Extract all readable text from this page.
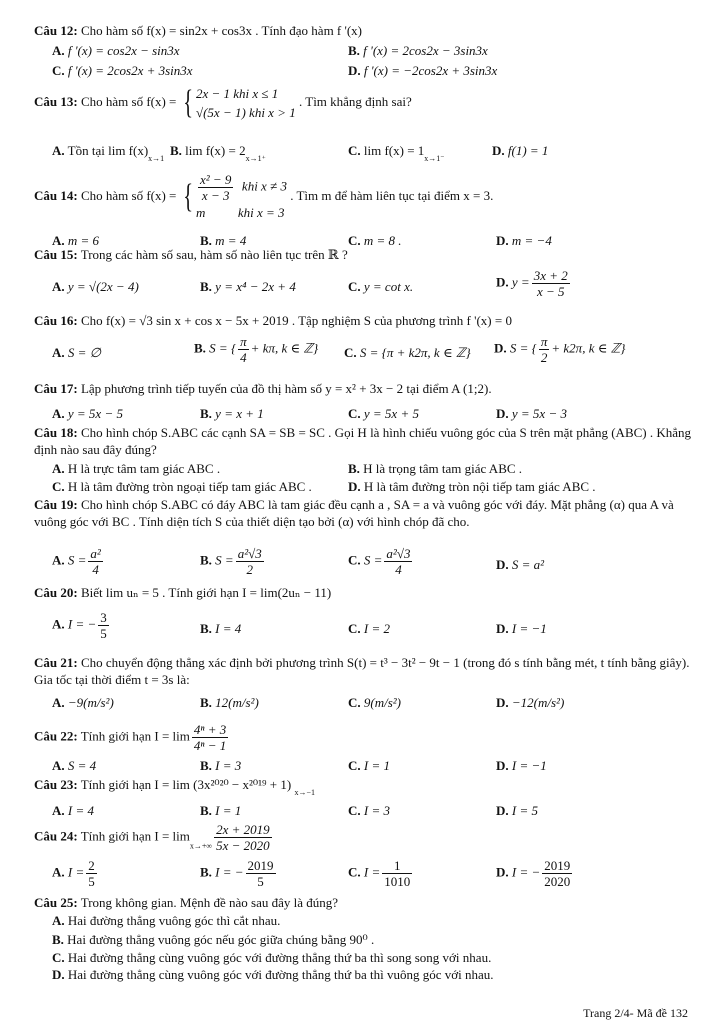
Câu 12: Cho hàm số f(x) = sin2x + cos3x . Tính đạo hàm f '(x)
A. f '(x) = cos2x − sin3x	B. f '(x) = 2cos2x − 3sin3x
C. f '(x) = 2cos2x + 3sin3x	D. f '(x) = −2cos2x + 3sin3x
Câu 13: Cho hàm số f(x) = { 2x − 1 khi x ≤ 1
√(5x − 1) khi x > 1
. Tìm khẳng định sai?
A. Tồn tại $\lim f(x)_{x\to 1}$
B. $\lim f(x) = 2_{x\to 1^+}$
C. $\lim f(x) = 1_{x\to 1^-}$
D. f(1) = 1
Câu 14: Cho hàm số f(x) = { $\frac{\text{x² − 9}}{x - 3}$ khi x ≠ 3
m	khi x = 3
. Tìm m để hàm liên tục tại điểm x = 3.
A. m = 6	B. m = 4	C. m = 8 .	D. m = −4
Câu 15: Trong các hàm số sau, hàm số nào liên tục trên ℝ ?
A. y = √(2x − 4)	B. y = x⁴ − 2x + 4	C. y = cot x.	D. $y = \frac{3x + 2}{x - 5}$
Câu 16: Cho f(x) = √3 sin x + cos x − 5x + 2019 . Tập nghiệm S của phương trình f '(x) = 0
A. S = ∅	B. S = { $\frac{\pi}{4} + k\pi$, k ∈ ℤ} C. S = {π + k2π, k ∈ ℤ} D. S = { $\frac{\pi}{2} + k2\pi$, k ∈ ℤ}
Câu 17: Lập phương trình tiếp tuyến của đồ thị hàm số y = x² + 3x − 2 tại điểm A (1;2).
A. y = 5x − 5	B. y = x + 1	C. y = 5x + 5	D. y = 5x − 3
Câu 18: Cho hình chóp S.ABC các cạnh SA = SB = SC . Gọi H là hình chiếu vuông góc của S trên mặt phẳng (ABC) . Khẳng định nào sau đây đúng?
A. H là trực tâm tam giác ABC .	B. H là trọng tâm tam giác ABC .
C. H là tâm đường tròn ngoại tiếp tam giác ABC .	D. H là tâm đường tròn nội tiếp tam giác ABC .
Câu 19: Cho hình chóp S.ABC có đáy ABC là tam giác đều cạnh a , SA = a và vuông góc với đáy. Mặt phẳng (α) qua A và vuông góc với BC . Tính diện tích S của thiết diện tạo bởi (α) với hình chóp đã cho.
A. $S = \frac{\text{a²}}{4}$	B. $S = \frac{\text{a²√3}}{2}$	C. $S = \frac{\text{a²√3}}{4}$	D. S = a²
Câu 20: Biết lim uₙ = 5 . Tính giới hạn I = lim(2uₙ − 11)
A. I = − $\frac{3}{5}$	B. I = 4	C. I = 2	D. I = −1
Câu 21: Cho chuyển động thẳng xác định bởi phương trình S(t) = t³ − 3t² − 9t − 1 (trong đó s tính bằng mét, t tính bằng giây). Gia tốc tại thời điểm t = 3s là:
A. −9(m/s²)	B. 12(m/s²)	C. 9(m/s²)	D. −12(m/s²)
Câu 22: Tính giới hạn $I = \lim \frac{\text{4ⁿ + 3}}{\text{4ⁿ − 1}}$
A. S = 4	B. I = 3	C. I = 1	D. I = −1
Câu 23: Tính giới hạn I = lim (3x²⁰²⁰ − x²⁰¹⁹ + 1) $_{x\to-1}$
A. I = 4	B. I = 1	C. I = 3	D. I = 5
Câu 24: Tính giới hạn $I = \lim_{x\to+\infty} \frac{2x + 2019}{5x - 2020}$
A. $I = \frac{2}{5}$	B. I = − $\frac{2019}{5}$	C. $I = \frac{1}{1010}$	D. I = − $\frac{2019}{2020}$
Câu 25: Trong không gian. Mệnh đề nào sau đây là đúng?
A. Hai đường thẳng vuông góc thì cắt nhau.
B. Hai đường thẳng vuông góc nếu góc giữa chúng bằng 90⁰ .
C. Hai đường thẳng cùng vuông góc với đường thẳng thứ ba thì song song với nhau.
D. Hai đường thẳng cùng vuông góc với đường thẳng thứ ba thì vuông góc với nhau.
Trang 2/4- Mã đề 132
